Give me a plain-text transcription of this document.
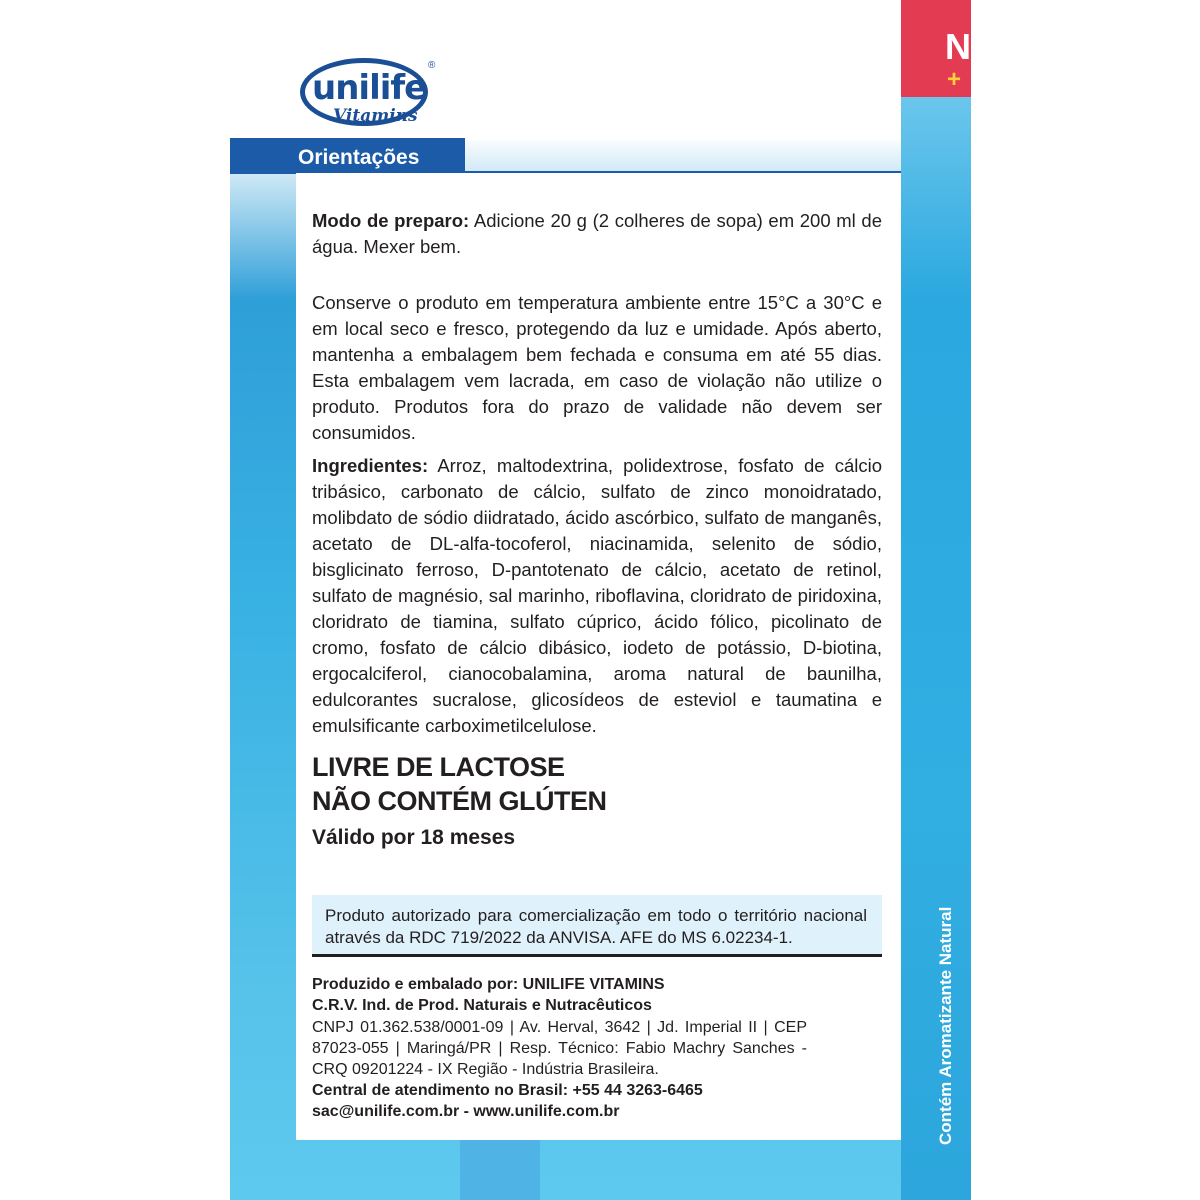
unilife
Vitamins
®
Orientações
N
+
Contém Aromatizante Natural
Modo de preparo: Adicione 20 g (2 colheres de sopa) em 200 ml de água. Mexer bem.
Conserve o produto em temperatura ambiente entre 15°C a 30°C e em local seco e fresco, protegendo da luz e umidade. Após aberto, mantenha a embalagem bem fechada e consuma em até 55 dias. Esta embalagem vem lacrada, em caso de violação não utilize o produto. Produtos fora do prazo de validade não devem ser consumidos.
Ingredientes: Arroz, maltodextrina, polidextrose, fosfato de cálcio tribásico, carbonato de cálcio, sulfato de zinco monoidratado, molibdato de sódio diidratado, ácido ascórbico, sulfato de manganês, acetato de DL-alfa-tocoferol, niacinamida, selenito de sódio, bisglicinato ferroso, D-pantotenato de cálcio, acetato de retinol, sulfato de magnésio, sal marinho, riboflavina, cloridrato de piridoxina, cloridrato de tiamina, sulfato cúprico, ácido fólico, picolinato de cromo, fosfato de cálcio dibásico, iodeto de potássio, D-biotina, ergocalciferol, cianocobalamina, aroma natural de baunilha, edulcorantes sucralose, glicosídeos de esteviol e taumatina e emulsificante carboximetilcelulose.
LIVRE DE LACTOSE
NÃO CONTÉM GLÚTEN
Válido por 18 meses
Produto autorizado para comercialização em todo o território nacional através da RDC 719/2022 da ANVISA. AFE do MS 6.02234-1.
Produzido e embalado por: UNILIFE VITAMINS
C.R.V. Ind. de Prod. Naturais e Nutracêuticos
CNPJ 01.362.538/0001-09 | Av. Herval, 3642 | Jd. Imperial II | CEP 87023-055 | Maringá/PR | Resp. Técnico: Fabio Machry Sanches - CRQ 09201224 - IX Região - Indústria Brasileira.
Central de atendimento no Brasil: +55 44 3263-6465
sac@unilife.com.br - www.unilife.com.br
